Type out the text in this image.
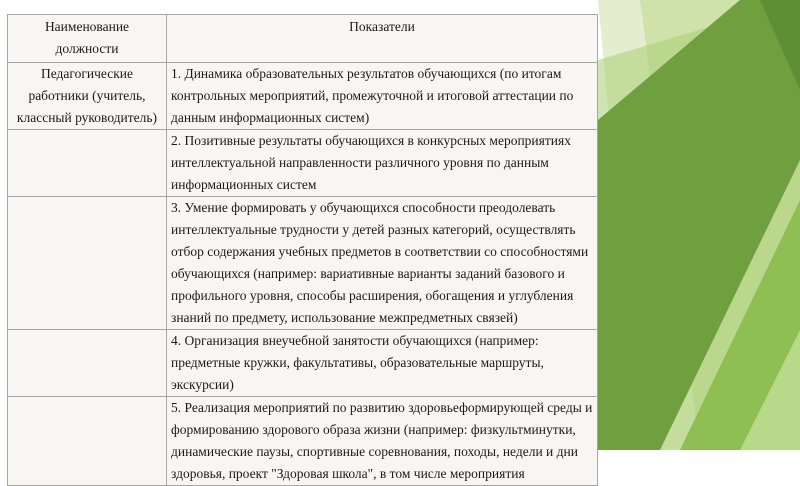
Наименование должности	Показатели
Педагогические работники (учитель, классный руководитель)	1. Динамика образовательных результатов обучающихся (по итогам контрольных мероприятий, промежуточной и итоговой аттестации по данным информационных систем)
	2. Позитивные результаты обучающихся в конкурсных мероприятиях интеллектуальной направленности различного уровня по данным информационных систем
	3. Умение формировать у обучающихся способности преодолевать интеллектуальные трудности у детей разных категорий, осуществлять отбор содержания учебных предметов в соответствии со способностями обучающихся (например: вариативные варианты заданий базового и профильного уровня, способы расширения, обогащения и углубления знаний по предмету, использование межпредметных связей)
	4. Организация внеучебной занятости обучающихся (например: предметные кружки, факультативы, образовательные маршруты, экскурсии)
	5. Реализация мероприятий по развитию здоровьеформирующей среды и формированию здорового образа жизни (например: физкультминутки, динамические паузы, спортивные соревнования, походы, недели и дни здоровья, проект "Здоровая школа", в том числе мероприятия
